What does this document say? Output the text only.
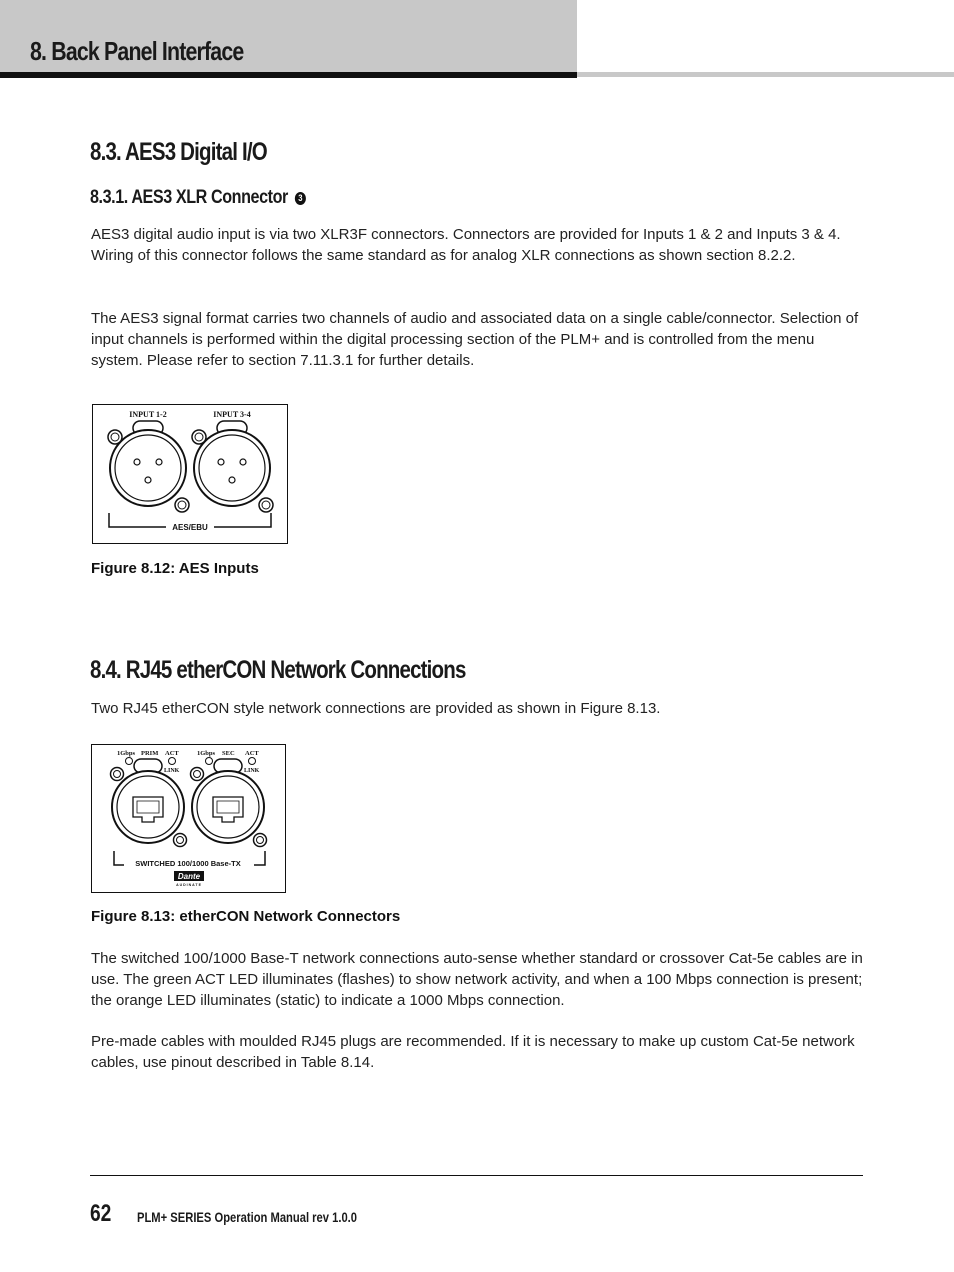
8. Back Panel Interface
8.3. AES3 Digital I/O
8.3.1. AES3 XLR Connector	3

AES3 digital audio input is via two XLR3F connectors. Connectors are provided for Inputs 1 & 2 and Inputs 3 & 4. Wiring of this connector follows the same standard as for analog XLR connections as shown section 8.2.2.

The AES3 signal format carries two channels of audio and associated data on a single cable/connector. Selection of input channels is performed within the digital processing section of the PLM+ and is controlled from the menu system. Please refer to section 7.11.3.1 for further details.

INPUT 1-2	INPUT 3-4
AES/EBU
Figure 8.12: AES Inputs
8.4. RJ45 etherCON Network Connections

Two RJ45 etherCON style network connections are provided as shown in Figure 8.13.

1Gbps PRIM ACT	1Gbps SEC ACT
LINK	LINK
SWITCHED 100/1000 Base-TX
Dante
AUDINATE
Figure 8.13: etherCON Network Connectors

The switched 100/1000 Base-T network connections auto-sense whether standard or crossover Cat-5e cables are in use. The green ACT LED illuminates (flashes) to show network activity, and when a 100 Mbps connection is present; the orange LED illuminates (static) to indicate a 1000 Mbps connection.

Pre-made cables with moulded RJ45 plugs are recommended. If it is necessary to make up custom Cat-5e network cables, use pinout described in Table 8.14.

62 PLM+ SERIES Operation Manual rev 1.0.0
